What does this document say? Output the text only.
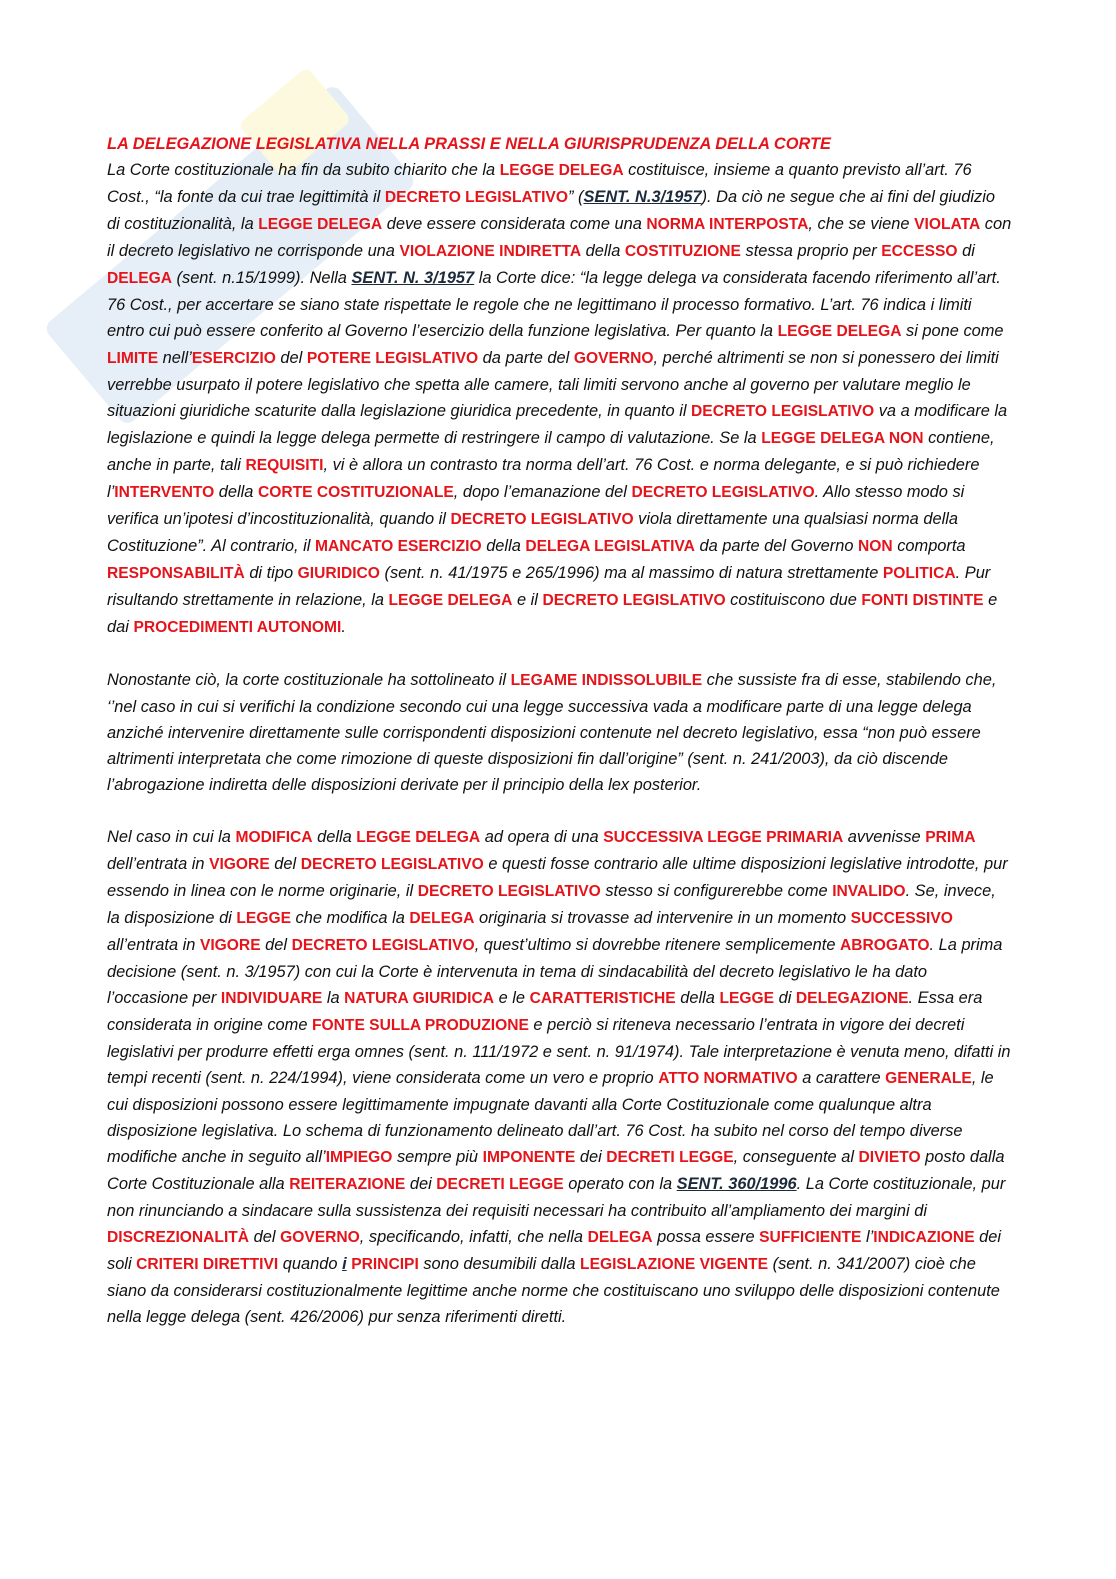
LA DELEGAZIONE LEGISLATIVA NELLA PRASSI E NELLA GIURISPRUDENZA DELLA CORTE

La Corte costituzionale ha fin da subito chiarito che la LEGGE DELEGA costituisce, insieme a quanto previsto all’art. 76 Cost., “la fonte da cui trae legittimità il DECRETO LEGISLATIVO” (SENT. N.3/1957). Da ciò ne segue che ai fini del giudizio di costituzionalità, la LEGGE DELEGA deve essere considerata come una NORMA INTERPOSTA, che se viene VIOLATA con il decreto legislativo ne corrisponde una VIOLAZIONE INDIRETTA della COSTITUZIONE stessa proprio per ECCESSO di DELEGA (sent. n.15/1999). Nella SENT. N. 3/1957 la Corte dice: “la legge delega va considerata facendo riferimento all’art. 76 Cost., per accertare se siano state rispettate le regole che ne legittimano il processo formativo. L’art. 76 indica i limiti entro cui può essere conferito al Governo l’esercizio della funzione legislativa. Per quanto la LEGGE DELEGA si pone come LIMITE nell’ESERCIZIO del POTERE LEGISLATIVO da parte del GOVERNO, perché altrimenti se non si ponessero dei limiti verrebbe usurpato il potere legislativo che spetta alle camere, tali limiti servono anche al governo per valutare meglio le situazioni giuridiche scaturite dalla legislazione giuridica precedente, in quanto il DECRETO LEGISLATIVO va a modificare la legislazione e quindi la legge delega permette di restringere il campo di valutazione. Se la LEGGE DELEGA NON contiene, anche in parte, tali REQUISITI, vi è allora un contrasto tra norma dell’art. 76 Cost. e norma delegante, e si può richiedere l’INTERVENTO della CORTE COSTITUZIONALE, dopo l’emanazione del DECRETO LEGISLATIVO. Allo stesso modo si verifica un’ipotesi d’incostituzionalità, quando il DECRETO LEGISLATIVO viola direttamente una qualsiasi norma della Costituzione”. Al contrario, il MANCATO ESERCIZIO della DELEGA LEGISLATIVA da parte del Governo NON comporta RESPONSABILITÀ di tipo GIURIDICO (sent. n. 41/1975 e 265/1996) ma al massimo di natura strettamente POLITICA. Pur risultando strettamente in relazione, la LEGGE DELEGA e il DECRETO LEGISLATIVO costituiscono due FONTI DISTINTE e dai PROCEDIMENTI AUTONOMI.

Nonostante ciò, la corte costituzionale ha sottolineato il LEGAME INDISSOLUBILE che sussiste fra di esse, stabilendo che, ‘’nel caso in cui si verifichi la condizione secondo cui una legge successiva vada a modificare parte di una legge delega anziché intervenire direttamente sulle corrispondenti disposizioni contenute nel decreto legislativo, essa “non può essere altrimenti interpretata che come rimozione di queste disposizioni fin dall’origine” (sent. n. 241/2003), da ciò discende l’abrogazione indiretta delle disposizioni derivate per il principio della lex posterior.

Nel caso in cui la MODIFICA della LEGGE DELEGA ad opera di una SUCCESSIVA LEGGE PRIMARIA avvenisse PRIMA dell’entrata in VIGORE del DECRETO LEGISLATIVO e questi fosse contrario alle ultime disposizioni legislative introdotte, pur essendo in linea con le norme originarie, il DECRETO LEGISLATIVO stesso si configurerebbe come INVALIDO. Se, invece, la disposizione di LEGGE che modifica la DELEGA originaria si trovasse ad intervenire in un momento SUCCESSIVO all’entrata in VIGORE del DECRETO LEGISLATIVO, quest’ultimo si dovrebbe ritenere semplicemente ABROGATO. La prima decisione (sent. n. 3/1957) con cui la Corte è intervenuta in tema di sindacabilità del decreto legislativo le ha dato l’occasione per INDIVIDUARE la NATURA GIURIDICA e le CARATTERISTICHE della LEGGE di DELEGAZIONE. Essa era considerata in origine come FONTE SULLA PRODUZIONE e perciò si riteneva necessario l’entrata in vigore dei decreti legislativi per produrre effetti erga omnes (sent. n. 111/1972 e sent. n. 91/1974). Tale interpretazione è venuta meno, difatti in tempi recenti (sent. n. 224/1994), viene considerata come un vero e proprio ATTO NORMATIVO a carattere GENERALE, le cui disposizioni possono essere legittimamente impugnate davanti alla Corte Costituzionale come qualunque altra disposizione legislativa. Lo schema di funzionamento delineato dall’art. 76 Cost. ha subito nel corso del tempo diverse modifiche anche in seguito all’IMPIEGO sempre più IMPONENTE dei DECRETI LEGGE, conseguente al DIVIETO posto dalla Corte Costituzionale alla REITERAZIONE dei DECRETI LEGGE operato con la SENT. 360/1996. La Corte costituzionale, pur non rinunciando a sindacare sulla sussistenza dei requisiti necessari ha contribuito all’ampliamento dei margini di DISCREZIONALITÀ del GOVERNO, specificando, infatti, che nella DELEGA possa essere SUFFICIENTE l’INDICAZIONE dei soli CRITERI DIRETTIVI quando i PRINCIPI sono desumibili dalla LEGISLAZIONE VIGENTE (sent. n. 341/2007) cioè che siano da considerarsi costituzionalmente legittime anche norme che costituiscano uno sviluppo delle disposizioni contenute nella legge delega (sent. 426/2006) pur senza riferimenti diretti.
